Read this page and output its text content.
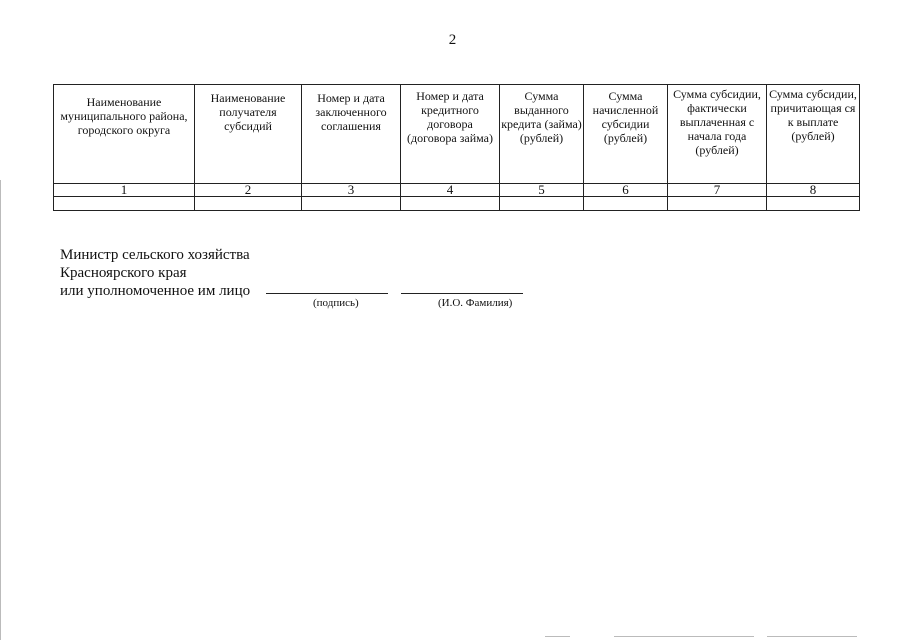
2
Наименование муниципального районa, городского округа	Наименование получателя субсидий	Номер и дата заключенного соглашения	Номер и дата кредитного договора (договора займа)	Сумма выданного кредита (займа) (рублей)	Сумма начисленной субсидии (рублей)	Сумма субсидии, фактически выплаченная с начала года (рублей)	Сумма субсидии, причитающая ся к выплате (рублей)
1	2	3	4	5	6	7	8

Министр сельского хозяйства
Красноярского края
или уполномоченное им лицо
(подпись)	(И.О. Фамилия)
